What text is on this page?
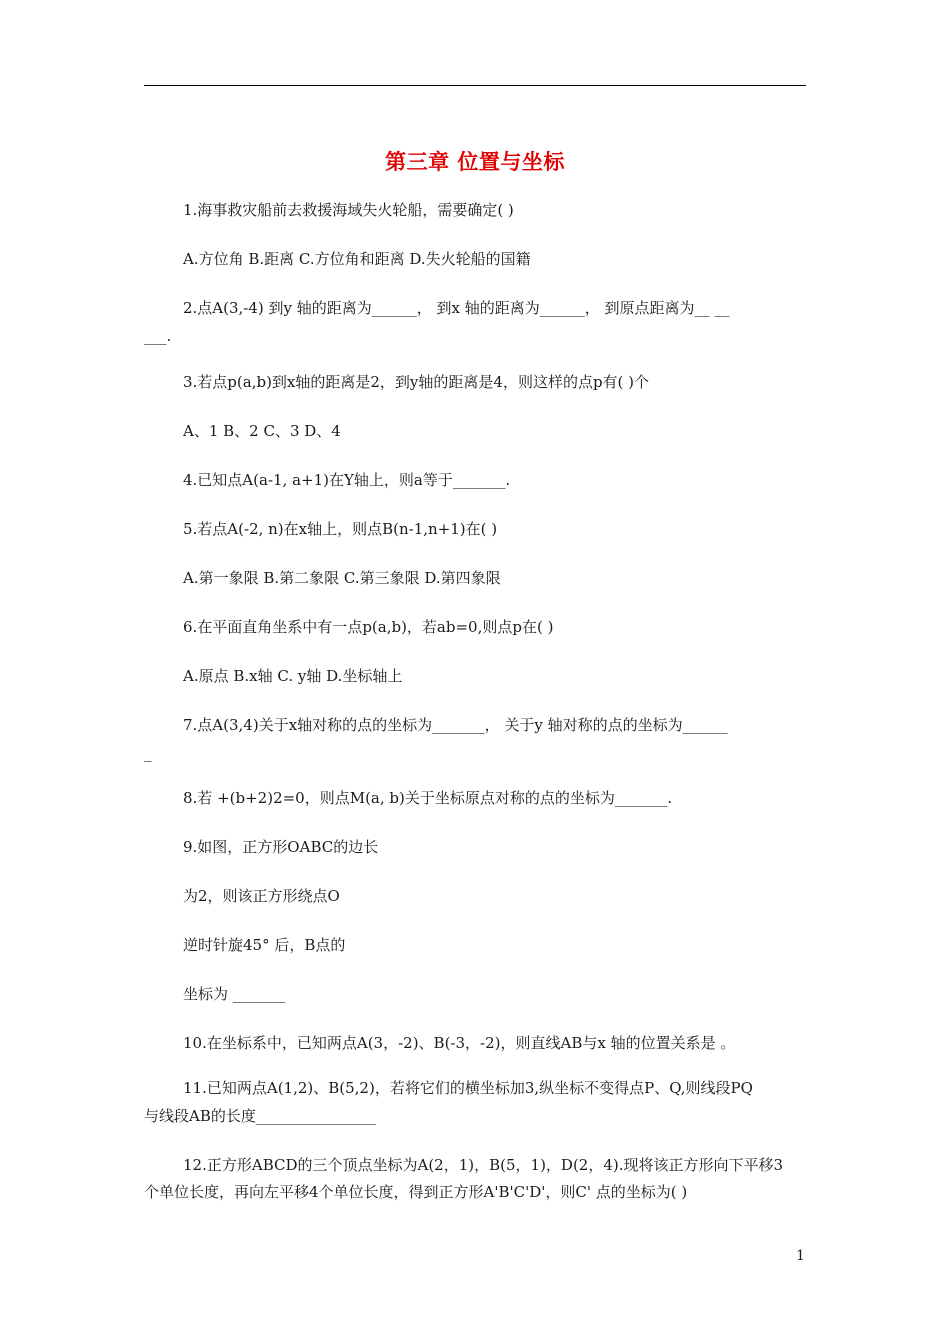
第三章 位置与坐标
1.海事救灾船前去救援海域失火轮船，需要确定( )
A.方位角 B.距离 C.方位角和距离 D.失火轮船的国籍
2.点A(3,-4) 到y 轴的距离为______， 到x 轴的距离为______， 到原点距离为__ __
___.
3.若点p(a,b)到x轴的距离是2，到y轴的距离是4，则这样的点p有( )个
A、1 B、2 C、3 D、4
4.已知点A(a-1, a+1)在Y轴上，则a等于_______.
5.若点A(-2, n)在x轴上，则点B(n-1,n+1)在( )
A.第一象限 B.第二象限 C.第三象限 D.第四象限
6.在平面直角坐系中有一点p(a,b)，若ab=0,则点p在( )
A.原点 B.x轴 C. y轴 D.坐标轴上
7.点A(3,4)关于x轴对称的点的坐标为_______， 关于y 轴对称的点的坐标为______
_
8.若 +(b+2)2=0，则点M(a, b)关于坐标原点对称的点的坐标为_______.
9.如图，正方形OABC的边长
为2，则该正方形绕点O
逆时针旋45° 后，B点的
坐标为 _______
10.在坐标系中，已知两点A(3，-2)、B(-3，-2)，则直线AB与x 轴的位置关系是 。
11.已知两点A(1,2)、B(5,2)，若将它们的横坐标加3,纵坐标不变得点P、Q,则线段PQ
与线段AB的长度________________
12.正方形ABCD的三个顶点坐标为A(2，1)，B(5，1)，D(2，4).现将该正方形向下平移3
个单位长度，再向左平移4个单位长度，得到正方形A'B'C'D'，则C' 点的坐标为( )
1
